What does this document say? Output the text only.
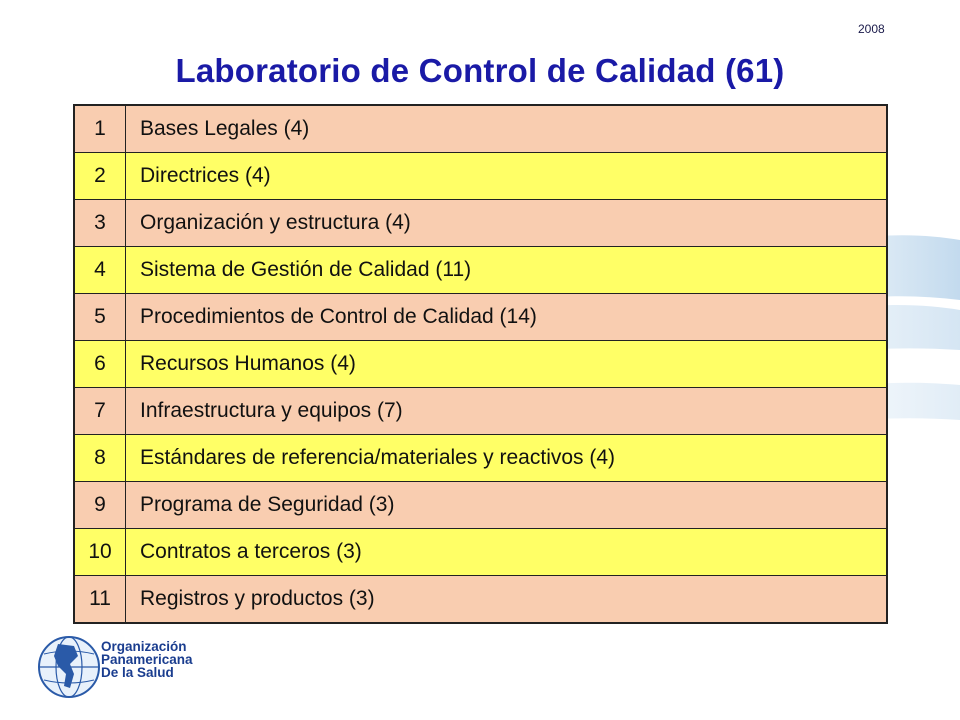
2008
Laboratorio de Control de Calidad (61)
1	Bases Legales (4)
2	Directrices (4)
3	Organización y estructura (4)
4	Sistema de Gestión de Calidad (11)
5	Procedimientos de Control de Calidad (14)
6	Recursos Humanos (4)
7	Infraestructura y equipos (7)
8	Estándares de referencia/materiales y reactivos (4)
9	Programa de Seguridad (3)
10	Contratos a terceros (3)
11	Registros y productos (3)
Organización
Panamericana
De la Salud
